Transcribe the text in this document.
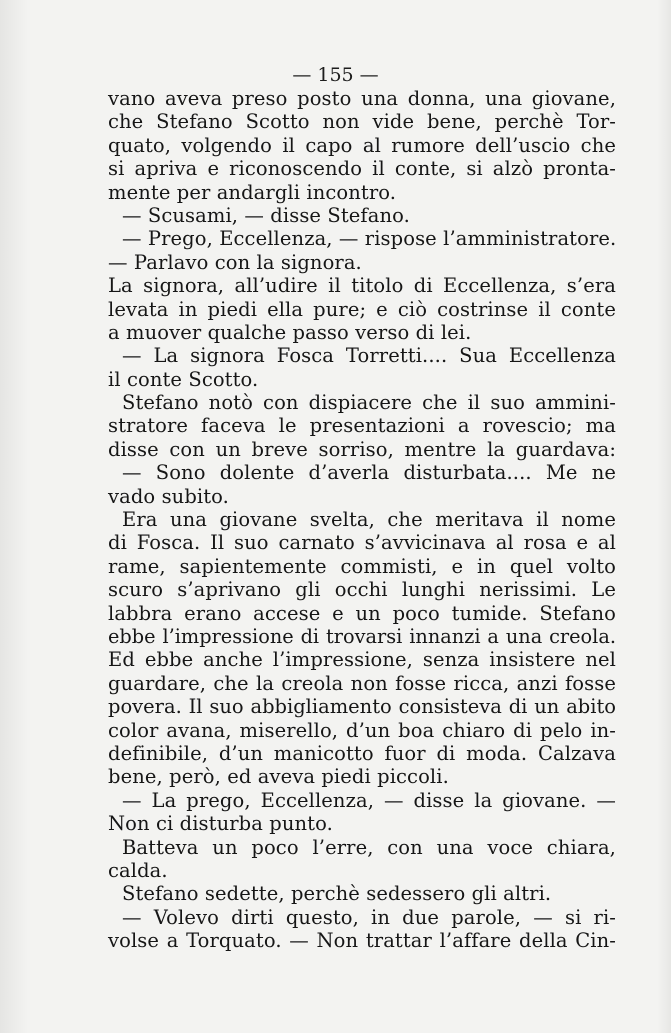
— 155 —
vano aveva preso posto una donna, una giovane,
che Stefano Scotto non vide bene, perchè Tor-
quato, volgendo il capo al rumore dell’uscio che
si apriva e riconoscendo il conte, si alzò pronta-
mente per andargli incontro.
— Scusami, — disse Stefano.
— Prego, Eccellenza, — rispose l’amministratore.
— Parlavo con la signora.
La signora, all’udire il titolo di Eccellenza, s’era
levata in piedi ella pure; e ciò costrinse il conte
a muover qualche passo verso di lei.
— La signora Fosca Torretti.... Sua Eccellenza
il conte Scotto.
Stefano notò con dispiacere che il suo ammini-
stratore faceva le presentazioni a rovescio; ma
disse con un breve sorriso, mentre la guardava:
— Sono dolente d’averla disturbata.... Me ne
vado subito.
Era una giovane svelta, che meritava il nome
di Fosca. Il suo carnato s’avvicinava al rosa e al
rame, sapientemente commisti, e in quel volto
scuro s’aprivano gli occhi lunghi nerissimi. Le
labbra erano accese e un poco tumide. Stefano
ebbe l’impressione di trovarsi innanzi a una creola.
Ed ebbe anche l’impressione, senza insistere nel
guardare, che la creola non fosse ricca, anzi fosse
povera. Il suo abbigliamento consisteva di un abito
color avana, miserello, d’un boa chiaro di pelo in-
definibile, d’un manicotto fuor di moda. Calzava
bene, però, ed aveva piedi piccoli.
— La prego, Eccellenza, — disse la giovane. —
Non ci disturba punto.
Batteva un poco l’erre, con una voce chiara,
calda.
Stefano sedette, perchè sedessero gli altri.
— Volevo dirti questo, in due parole, — si ri-
volse a Torquato. — Non trattar l’affare della Cin-
